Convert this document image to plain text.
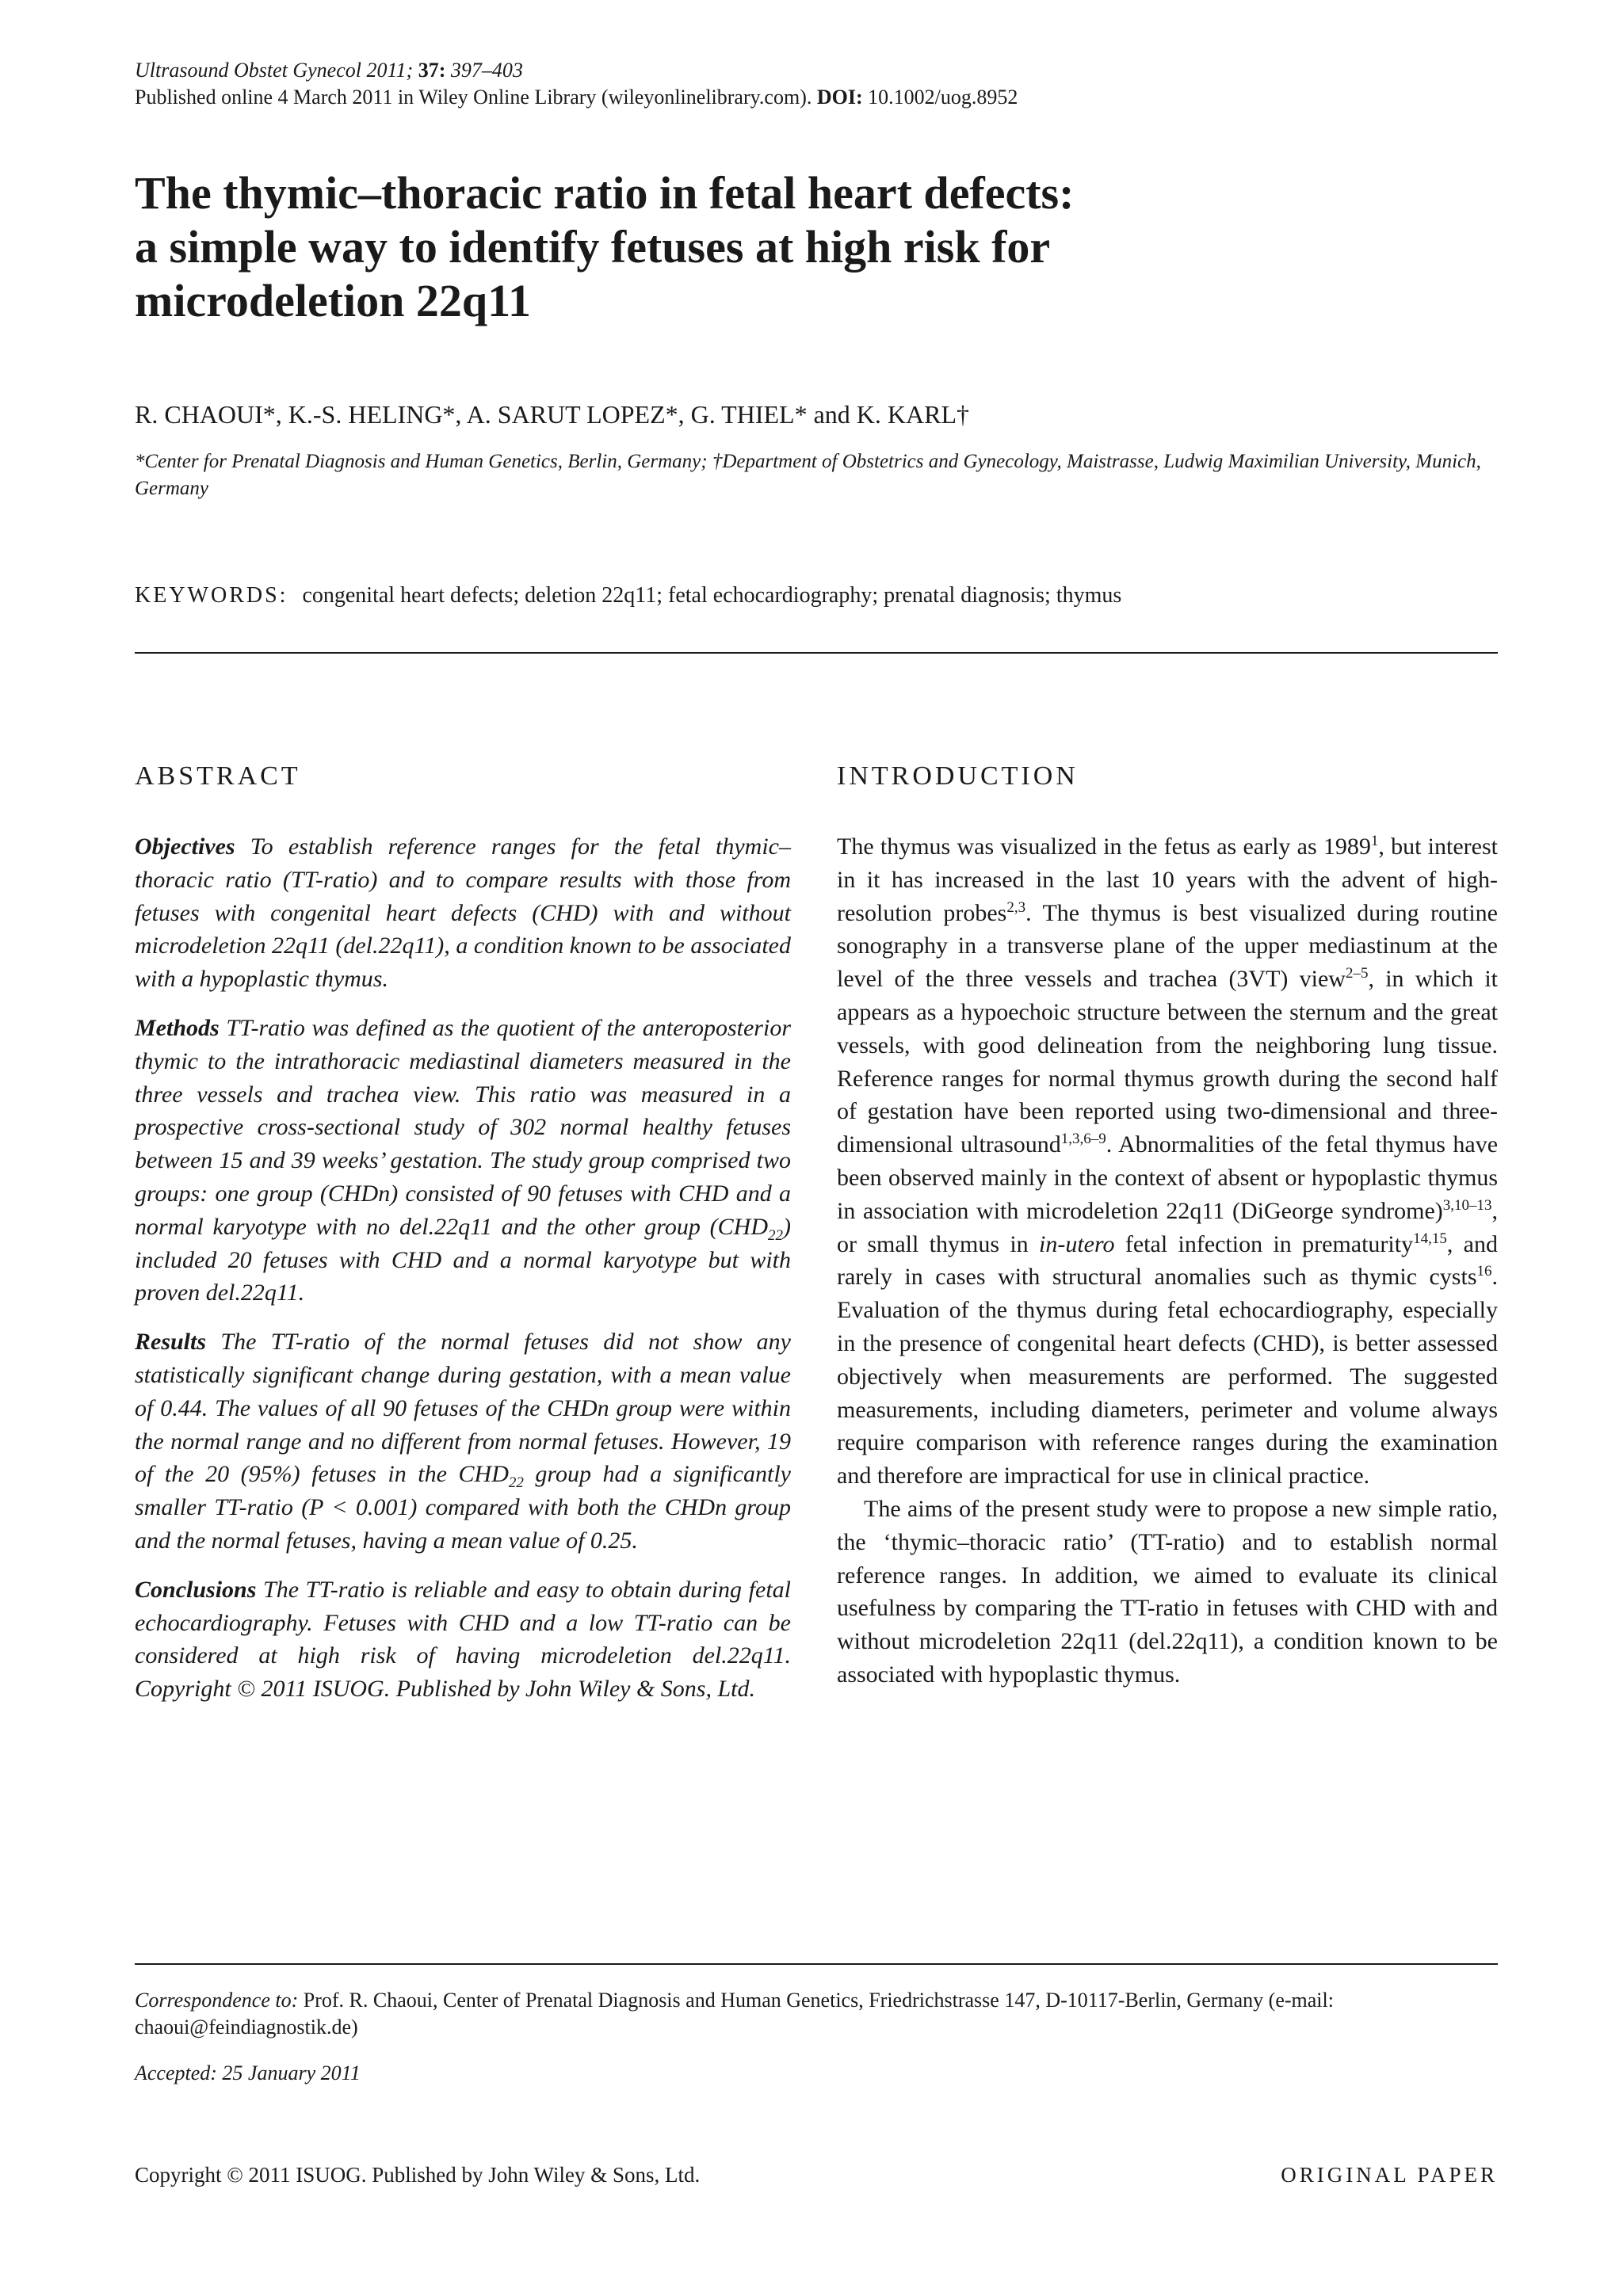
Ultrasound Obstet Gynecol 2011; 37: 397–403
Published online 4 March 2011 in Wiley Online Library (wileyonlinelibrary.com). DOI: 10.1002/uog.8952
The thymic–thoracic ratio in fetal heart defects:
a simple way to identify fetuses at high risk for
microdeletion 22q11
R. CHAOUI*, K.-S. HELING*, A. SARUT LOPEZ*, G. THIEL* and K. KARL†
*Center for Prenatal Diagnosis and Human Genetics, Berlin, Germany; †Department of Obstetrics and Gynecology, Maistrasse, Ludwig Maximilian University, Munich, Germany
KEYWORDS: congenital heart defects; deletion 22q11; fetal echocardiography; prenatal diagnosis; thymus
ABSTRACT

Objectives To establish reference ranges for the fetal thymic–thoracic ratio (TT-ratio) and to compare results with those from fetuses with congenital heart defects (CHD) with and without microdeletion 22q11 (del.22q11), a condition known to be associated with a hypoplastic thymus.

Methods TT-ratio was defined as the quotient of the anteroposterior thymic to the intrathoracic mediastinal diameters measured in the three vessels and trachea view. This ratio was measured in a prospective cross-sectional study of 302 normal healthy fetuses between 15 and 39 weeks’ gestation. The study group comprised two groups: one group (CHDn) consisted of 90 fetuses with CHD and a normal karyotype with no del.22q11 and the other group $(CHD_{22})$ included 20 fetuses with CHD and a normal karyotype but with proven del.22q11.

Results The TT-ratio of the normal fetuses did not show any statistically significant change during gestation, with a mean value of 0.44. The values of all 90 fetuses of the CHDn group were within the normal range and no different from normal fetuses. However, 19 of the 20 (95%) fetuses in the $CHD_{22}$ group had a significantly smaller TT-ratio (P < 0.001) compared with both the CHDn group and the normal fetuses, having a mean value of 0.25.

Conclusions The TT-ratio is reliable and easy to obtain during fetal echocardiography. Fetuses with CHD and a low TT-ratio can be considered at high risk of having microdeletion del.22q11. Copyright © 2011 ISUOG. Published by John Wiley & Sons, Ltd.

INTRODUCTION

The thymus was visualized in the fetus as early as 1989$^1$, but interest in it has increased in the last 10 years with the advent of high-resolution probes$^{2,3}$. The thymus is best visualized during routine sonography in a transverse plane of the upper mediastinum at the level of the three vessels and trachea (3VT) view$^{2-5}$, in which it appears as a hypoechoic structure between the sternum and the great vessels, with good delineation from the neighboring lung tissue. Reference ranges for normal thymus growth during the second half of gestation have been reported using two-dimensional and three-dimensional ultrasound$^{1,3,6-9}$. Abnormalities of the fetal thymus have been observed mainly in the context of absent or hypoplastic thymus in association with microdeletion 22q11 (DiGeorge syndrome)$^{3,10-13}$, or small thymus in in-utero fetal infection in prematurity$^{14,15}$, and rarely in cases with structural anomalies such as thymic cysts$^{16}$. Evaluation of the thymus during fetal echocardiography, especially in the presence of congenital heart defects (CHD), is better assessed objectively when measurements are performed. The suggested measurements, including diameters, perimeter and volume always require comparison with reference ranges during the examination and therefore are impractical for use in clinical practice.

The aims of the present study were to propose a new simple ratio, the ‘thymic–thoracic ratio’ (TT-ratio) and to establish normal reference ranges. In addition, we aimed to evaluate its clinical usefulness by comparing the TT-ratio in fetuses with CHD with and without microdeletion 22q11 (del.22q11), a condition known to be associated with hypoplastic thymus.

Correspondence to: Prof. R. Chaoui, Center of Prenatal Diagnosis and Human Genetics, Friedrichstrasse 147, D-10117-Berlin, Germany (e-mail: chaoui@feindiagnostik.de)
Accepted: 25 January 2011
Copyright © 2011 ISUOG. Published by John Wiley & Sons, Ltd.	ORIGINAL PAPER
